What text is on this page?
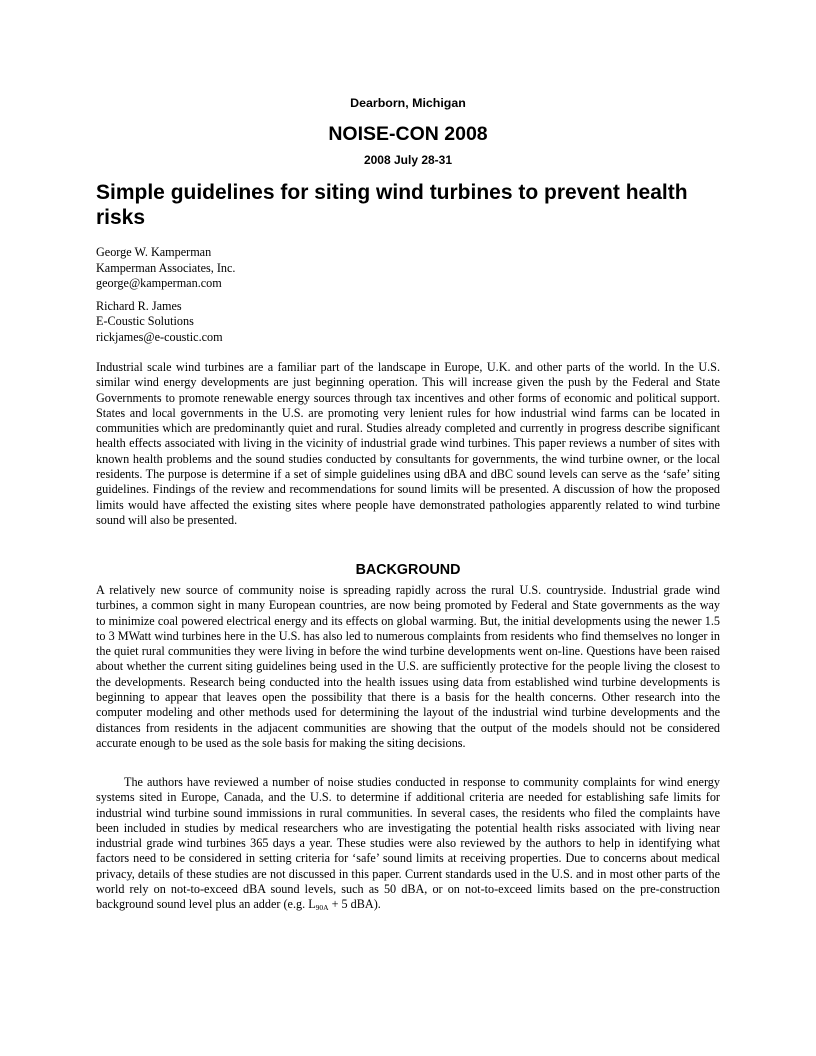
Dearborn, Michigan
NOISE-CON 2008
2008 July 28-31
Simple guidelines for siting wind turbines to prevent health risks
George W. Kamperman
Kamperman Associates, Inc.
george@kamperman.com
Richard R. James
E-Coustic Solutions
rickjames@e-coustic.com

Industrial scale wind turbines are a familiar part of the landscape in Europe, U.K. and other parts of the world. In the U.S. similar wind energy developments are just beginning operation. This will increase given the push by the Federal and State Governments to promote renewable energy sources through tax incentives and other forms of economic and political support. States and local governments in the U.S. are promoting very lenient rules for how industrial wind farms can be located in communities which are predominantly quiet and rural. Studies already completed and currently in progress describe significant health effects associated with living in the vicinity of industrial grade wind turbines. This paper reviews a number of sites with known health problems and the sound studies conducted by consultants for governments, the wind turbine owner, or the local residents. The purpose is determine if a set of simple guidelines using dBA and dBC sound levels can serve as the ‘safe’ siting guidelines. Findings of the review and recommendations for sound limits will be presented. A discussion of how the proposed limits would have affected the existing sites where people have demonstrated pathologies apparently related to wind turbine sound will also be presented.

BACKGROUND

A relatively new source of community noise is spreading rapidly across the rural U.S. countryside. Industrial grade wind turbines, a common sight in many European countries, are now being promoted by Federal and State governments as the way to minimize coal powered electrical energy and its effects on global warming. But, the initial developments using the newer 1.5 to 3 MWatt wind turbines here in the U.S. has also led to numerous complaints from residents who find themselves no longer in the quiet rural communities they were living in before the wind turbine developments went on-line. Questions have been raised about whether the current siting guidelines being used in the U.S. are sufficiently protective for the people living the closest to the developments. Research being conducted into the health issues using data from established wind turbine developments is beginning to appear that leaves open the possibility that there is a basis for the health concerns. Other research into the computer modeling and other methods used for determining the layout of the industrial wind turbine developments and the distances from residents in the adjacent communities are showing that the output of the models should not be considered accurate enough to be used as the sole basis for making the siting decisions.

The authors have reviewed a number of noise studies conducted in response to community complaints for wind energy systems sited in Europe, Canada, and the U.S. to determine if additional criteria are needed for establishing safe limits for industrial wind turbine sound immissions in rural communities. In several cases, the residents who filed the complaints have been included in studies by medical researchers who are investigating the potential health risks associated with living near industrial grade wind turbines 365 days a year. These studies were also reviewed by the authors to help in identifying what factors need to be considered in setting criteria for ‘safe’ sound limits at receiving properties. Due to concerns about medical privacy, details of these studies are not discussed in this paper. Current standards used in the U.S. and in most other parts of the world rely on not-to-exceed dBA sound levels, such as 50 dBA, or on not-to-exceed limits based on the pre-construction background sound level plus an adder (e.g. $L_{90A} + 5$ dBA).
